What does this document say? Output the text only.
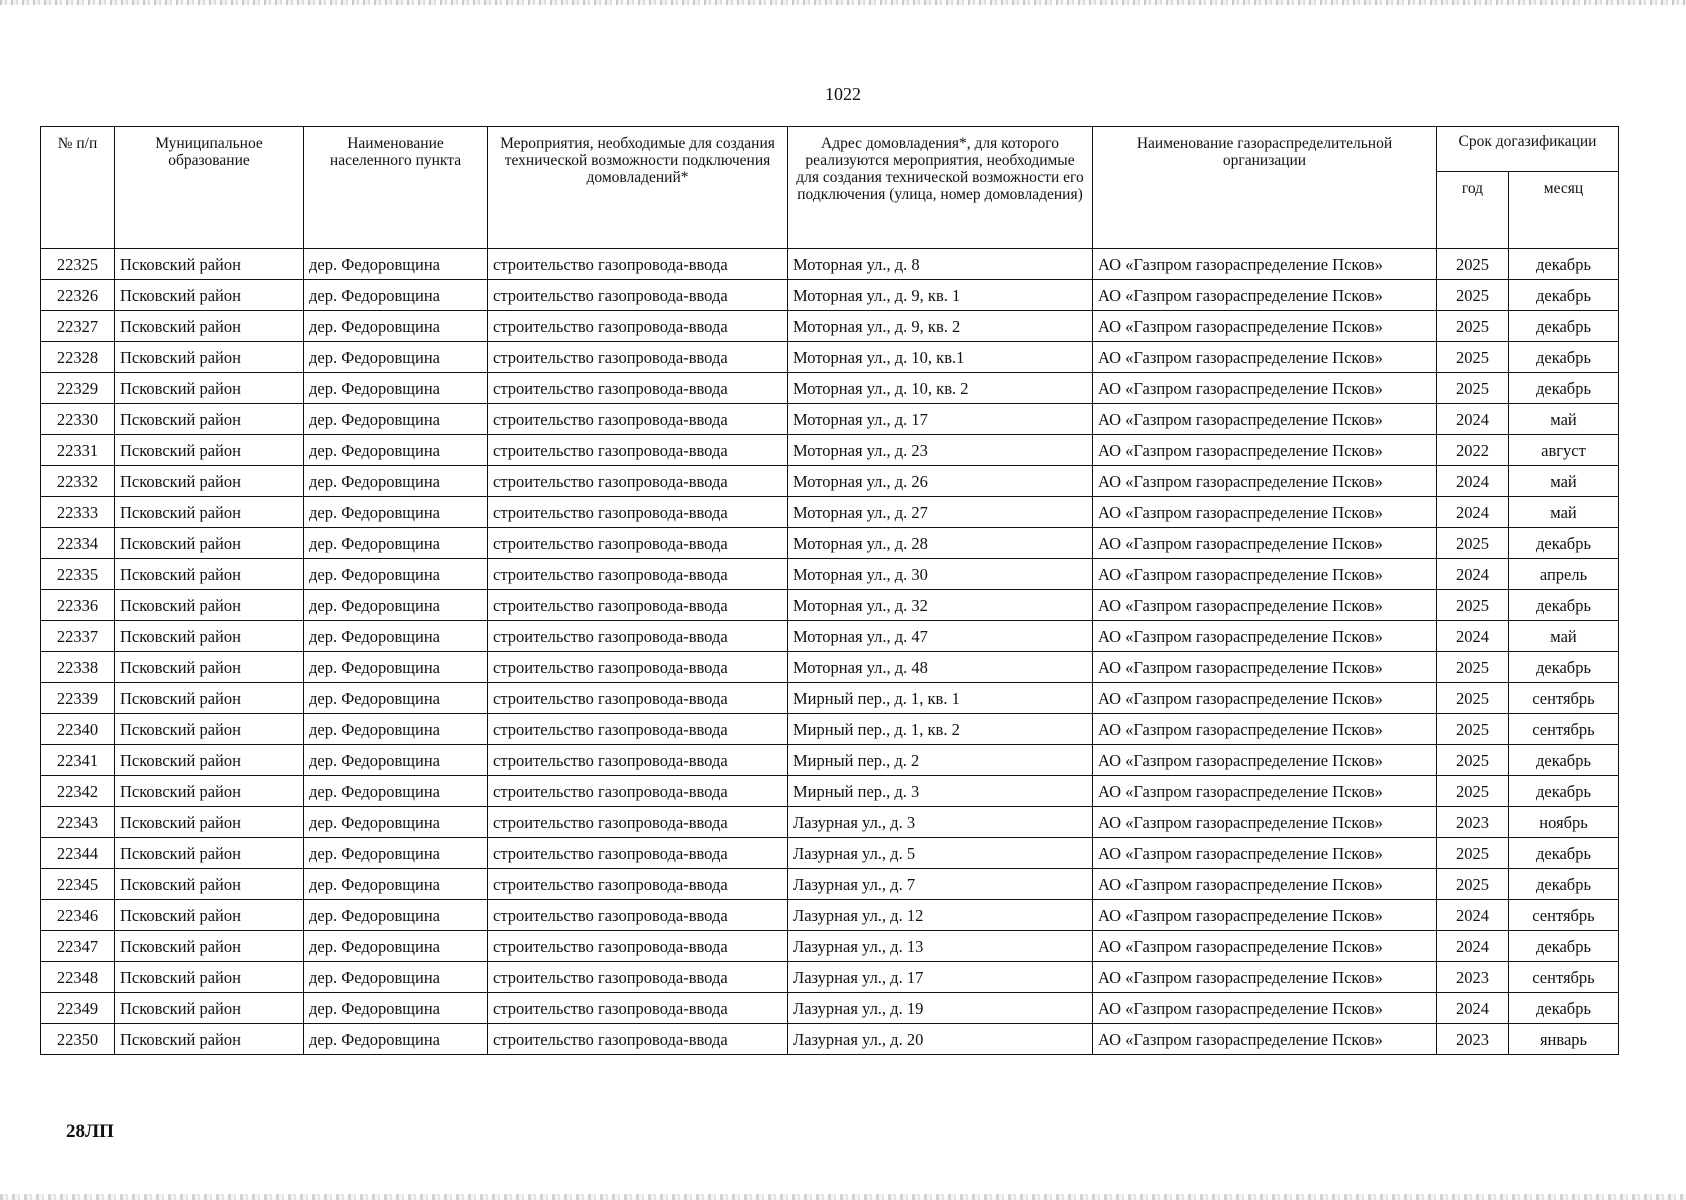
1022
№ п/п	Муниципальное образование	Наименование населенного пункта	Мероприятия, необходимые для создания технической возможности подключения домовладений*	Адрес домовладения*, для которого реализуются мероприятия, необходимые для создания технической возможности его подключения (улица, номер домовладения)	Наименование газораспределительной организации	Срок догазификации	
						год	месяц
22325	Псковский район	дер. Федоровщина	строительство газопровода-ввода	Моторная ул., д. 8	АО «Газпром газораспределение Псков»	2025	декабрь
22326	Псковский район	дер. Федоровщина	строительство газопровода-ввода	Моторная ул., д. 9, кв. 1	АО «Газпром газораспределение Псков»	2025	декабрь
22327	Псковский район	дер. Федоровщина	строительство газопровода-ввода	Моторная ул., д. 9, кв. 2	АО «Газпром газораспределение Псков»	2025	декабрь
22328	Псковский район	дер. Федоровщина	строительство газопровода-ввода	Моторная ул., д. 10, кв.1	АО «Газпром газораспределение Псков»	2025	декабрь
22329	Псковский район	дер. Федоровщина	строительство газопровода-ввода	Моторная ул., д. 10, кв. 2	АО «Газпром газораспределение Псков»	2025	декабрь
22330	Псковский район	дер. Федоровщина	строительство газопровода-ввода	Моторная ул., д. 17	АО «Газпром газораспределение Псков»	2024	май
22331	Псковский район	дер. Федоровщина	строительство газопровода-ввода	Моторная ул., д. 23	АО «Газпром газораспределение Псков»	2022	август
22332	Псковский район	дер. Федоровщина	строительство газопровода-ввода	Моторная ул., д. 26	АО «Газпром газораспределение Псков»	2024	май
22333	Псковский район	дер. Федоровщина	строительство газопровода-ввода	Моторная ул., д. 27	АО «Газпром газораспределение Псков»	2024	май
22334	Псковский район	дер. Федоровщина	строительство газопровода-ввода	Моторная ул., д. 28	АО «Газпром газораспределение Псков»	2025	декабрь
22335	Псковский район	дер. Федоровщина	строительство газопровода-ввода	Моторная ул., д. 30	АО «Газпром газораспределение Псков»	2024	апрель
22336	Псковский район	дер. Федоровщина	строительство газопровода-ввода	Моторная ул., д. 32	АО «Газпром газораспределение Псков»	2025	декабрь
22337	Псковский район	дер. Федоровщина	строительство газопровода-ввода	Моторная ул., д. 47	АО «Газпром газораспределение Псков»	2024	май
22338	Псковский район	дер. Федоровщина	строительство газопровода-ввода	Моторная ул., д. 48	АО «Газпром газораспределение Псков»	2025	декабрь
22339	Псковский район	дер. Федоровщина	строительство газопровода-ввода	Мирный пер., д. 1, кв. 1	АО «Газпром газораспределение Псков»	2025	сентябрь
22340	Псковский район	дер. Федоровщина	строительство газопровода-ввода	Мирный пер., д. 1, кв. 2	АО «Газпром газораспределение Псков»	2025	сентябрь
22341	Псковский район	дер. Федоровщина	строительство газопровода-ввода	Мирный пер., д. 2	АО «Газпром газораспределение Псков»	2025	декабрь
22342	Псковский район	дер. Федоровщина	строительство газопровода-ввода	Мирный пер., д. 3	АО «Газпром газораспределение Псков»	2025	декабрь
22343	Псковский район	дер. Федоровщина	строительство газопровода-ввода	Лазурная ул., д. 3	АО «Газпром газораспределение Псков»	2023	ноябрь
22344	Псковский район	дер. Федоровщина	строительство газопровода-ввода	Лазурная ул., д. 5	АО «Газпром газораспределение Псков»	2025	декабрь
22345	Псковский район	дер. Федоровщина	строительство газопровода-ввода	Лазурная ул., д. 7	АО «Газпром газораспределение Псков»	2025	декабрь
22346	Псковский район	дер. Федоровщина	строительство газопровода-ввода	Лазурная ул., д. 12	АО «Газпром газораспределение Псков»	2024	сентябрь
22347	Псковский район	дер. Федоровщина	строительство газопровода-ввода	Лазурная ул., д. 13	АО «Газпром газораспределение Псков»	2024	декабрь
22348	Псковский район	дер. Федоровщина	строительство газопровода-ввода	Лазурная ул., д. 17	АО «Газпром газораспределение Псков»	2023	сентябрь
22349	Псковский район	дер. Федоровщина	строительство газопровода-ввода	Лазурная ул., д. 19	АО «Газпром газораспределение Псков»	2024	декабрь
22350	Псковский район	дер. Федоровщина	строительство газопровода-ввода	Лазурная ул., д. 20	АО «Газпром газораспределение Псков»	2023	январь
28ЛП
